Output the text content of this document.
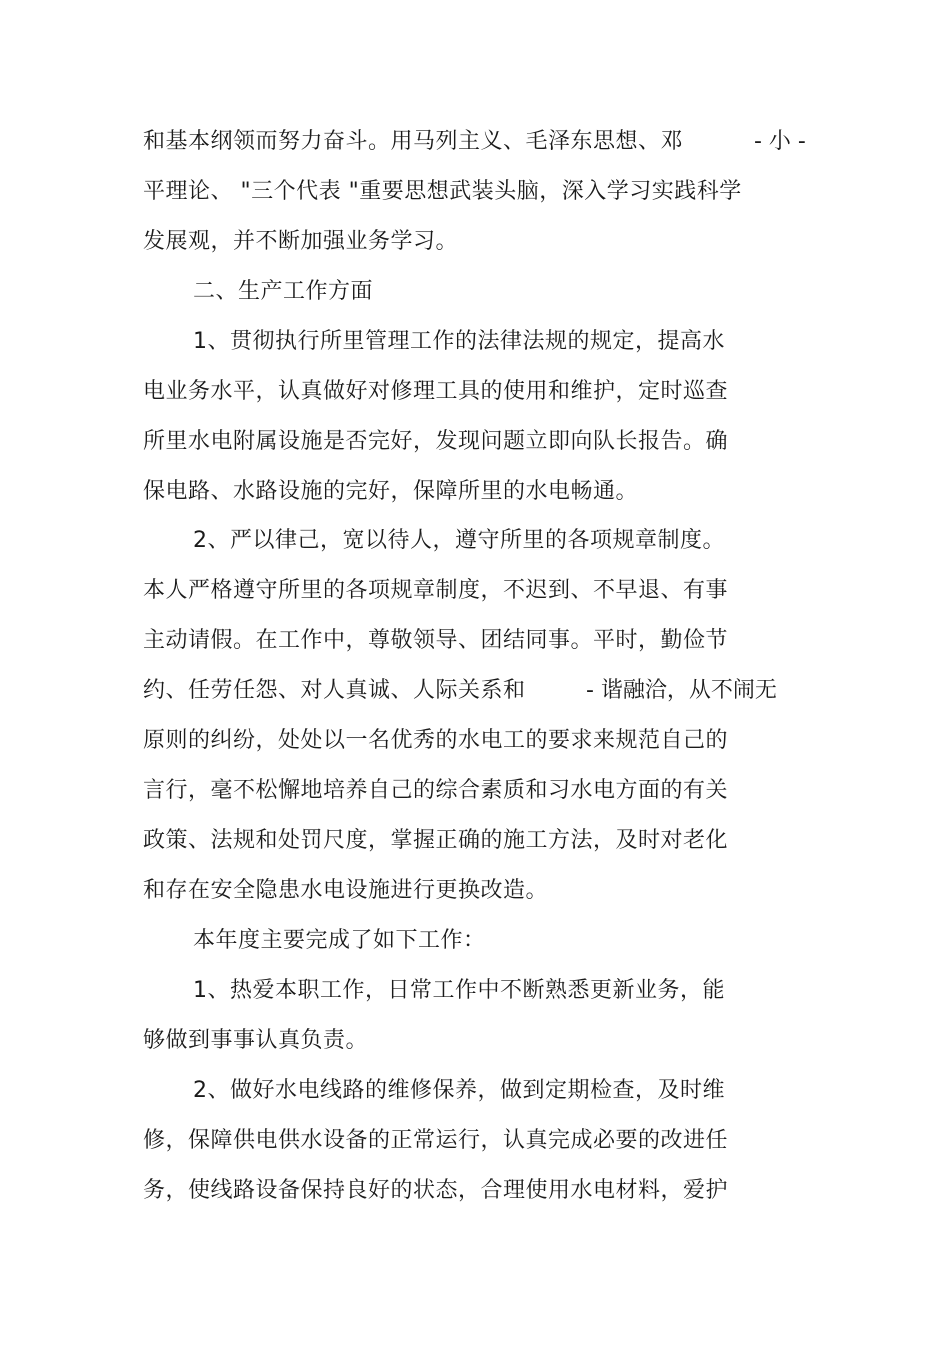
和基本纲领而努力奋斗。用马列主义、毛泽东思想、邓	- 小 -
平理论、 "三个代表 "重要思想武装头脑，深入学习实践科学
发展观，并不断加强业务学习。
二、生产工作方面
1、贯彻执行所里管理工作的法律法规的规定，提高水
电业务水平，认真做好对修理工具的使用和维护，定时巡查
所里水电附属设施是否完好，发现问题立即向队长报告。确
保电路、水路设施的完好，保障所里的水电畅通。
2、严以律己，宽以待人，遵守所里的各项规章制度。
本人严格遵守所里的各项规章制度，不迟到、不早退、有事
主动请假。在工作中，尊敬领导、团结同事。平时，勤俭节
约、任劳任怨、对人真诚、人际关系和	- 谐融洽，从不闹无
原则的纠纷，处处以一名优秀的水电工的要求来规范自己的
言行，毫不松懈地培养自己的综合素质和习水电方面的有关
政策、法规和处罚尺度，掌握正确的施工方法，及时对老化
和存在安全隐患水电设施进行更换改造。
本年度主要完成了如下工作：
1、热爱本职工作，日常工作中不断熟悉更新业务，能
够做到事事认真负责。
2、做好水电线路的维修保养，做到定期检查，及时维
修，保障供电供水设备的正常运行，认真完成必要的改进任
务，使线路设备保持良好的状态，合理使用水电材料，爱护
